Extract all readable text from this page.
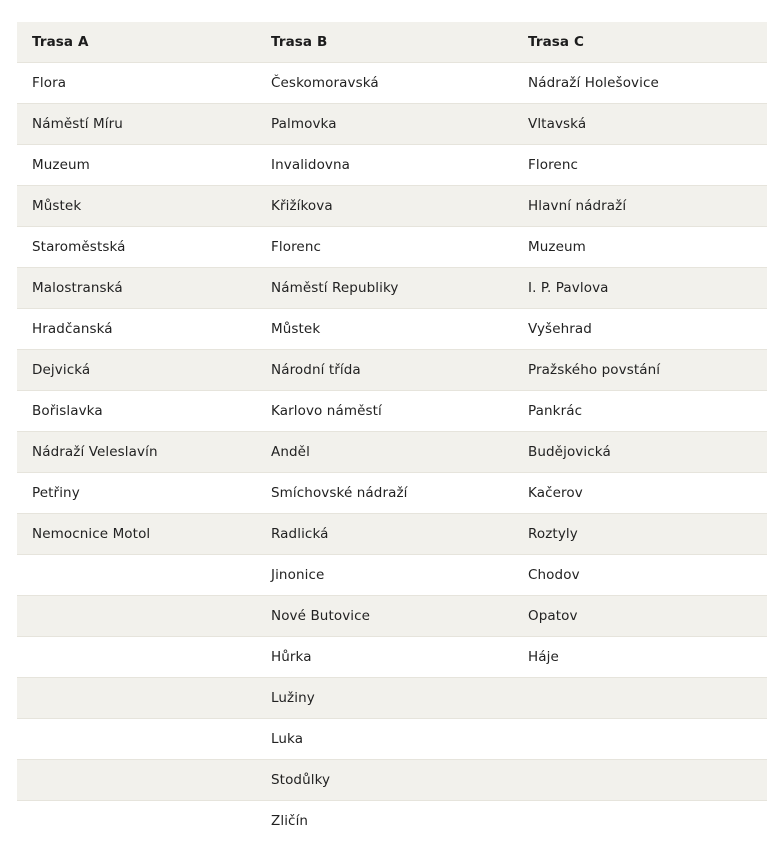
Trasa A	Trasa B	Trasa C
Flora	Českomoravská	Nádraží Holešovice
Náměstí Míru	Palmovka	Vltavská
Muzeum	Invalidovna	Florenc
Můstek	Křižíkova	Hlavní nádraží
Staroměstská	Florenc	Muzeum
Malostranská	Náměstí Republiky	I. P. Pavlova
Hradčanská	Můstek	Vyšehrad
Dejvická	Národní třída	Pražského povstání
Bořislavka	Karlovo náměstí	Pankrác
Nádraží Veleslavín	Anděl	Budějovická
Petřiny	Smíchovské nádraží	Kačerov
Nemocnice Motol	Radlická	Roztyly
	Jinonice	Chodov
	Nové Butovice	Opatov
	Hůrka	Háje
	Lužiny	
	Luka	
	Stodůlky	
	Zličín	
